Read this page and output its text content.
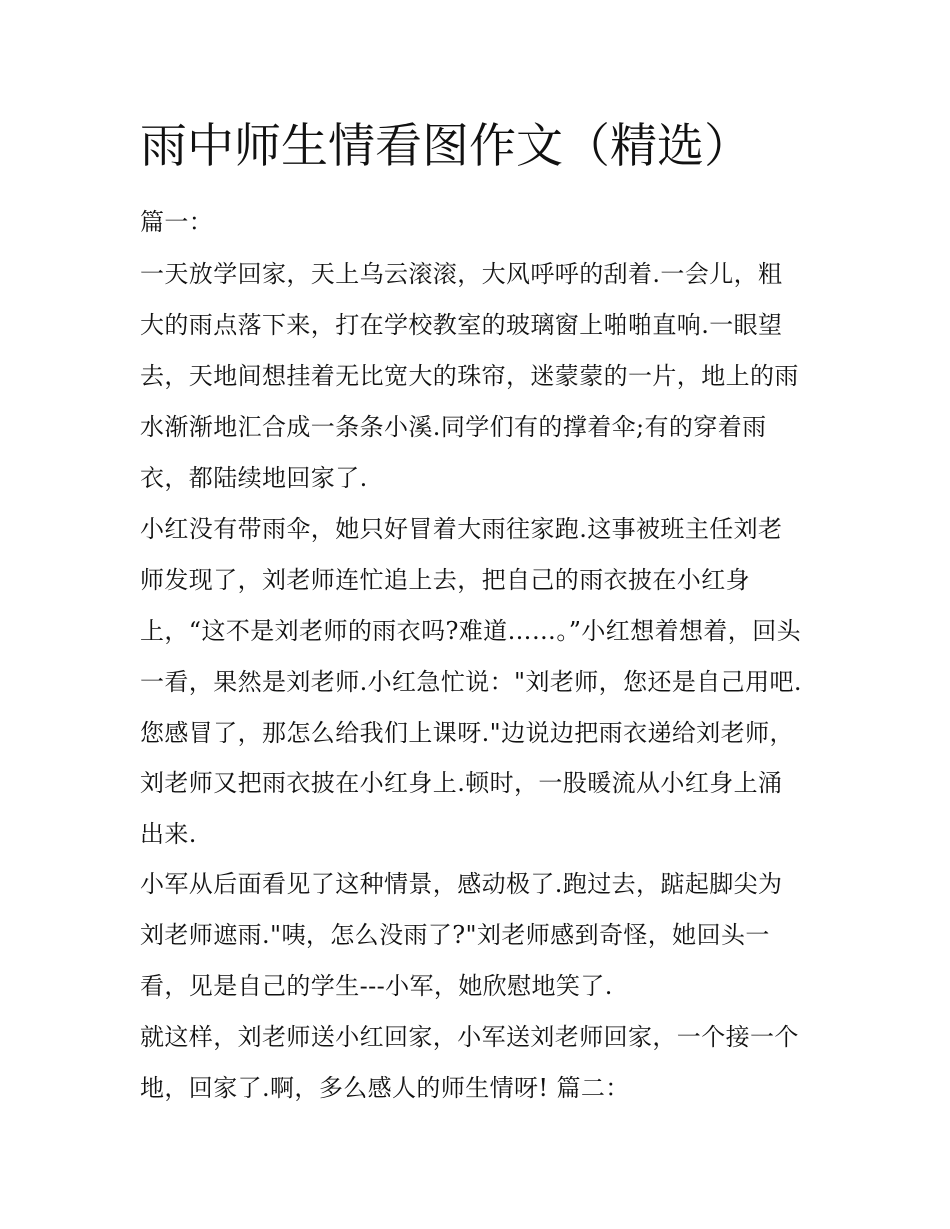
雨中师生情看图作文（精选）
篇一：
一天放学回家，天上乌云滚滚，大风呼呼的刮着.一会儿，粗
大的雨点落下来，打在学校教室的玻璃窗上啪啪直响.一眼望
去，天地间想挂着无比宽大的珠帘，迷蒙蒙的一片，地上的雨
水渐渐地汇合成一条条小溪.同学们有的撑着伞;有的穿着雨
衣，都陆续地回家了.
小红没有带雨伞，她只好冒着大雨往家跑.这事被班主任刘老
师发现了，刘老师连忙追上去，把自己的雨衣披在小红身
上，“这不是刘老师的雨衣吗?难道……。”小红想着想着，回头
一看，果然是刘老师.小红急忙说："刘老师，您还是自己用吧.
您感冒了，那怎么给我们上课呀."边说边把雨衣递给刘老师，
刘老师又把雨衣披在小红身上.顿时，一股暖流从小红身上涌
出来.
小军从后面看见了这种情景，感动极了.跑过去，踮起脚尖为
刘老师遮雨."咦，怎么没雨了?"刘老师感到奇怪，她回头一
看，见是自己的学生---小军，她欣慰地笑了.
就这样，刘老师送小红回家，小军送刘老师回家，一个接一个
地，回家了.啊，多么感人的师生情呀! 篇二：
